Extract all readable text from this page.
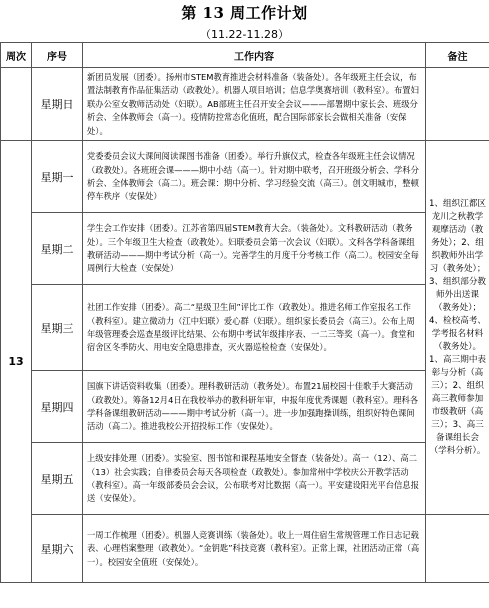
第 13 周工作计划
（11.22-11.28）
周次	序号	工作内容	备注
	星期日	新团员发展（团委）。扬州市STEM教育推进会材料准备（装备处）。各年级班主任会议，布置法制教育作品征集活动（政教处）。机器人项目培训；信息学奥赛培训（教科室）。布置妇联办公室女教师活动处（妇联）。AB部班主任召开安全会议———部署期中家长会、班级分析会、全体教师会（高一）。疫情防控常态化值班，配合国际部家长会做相关准备（安保处）。	
13	星期一	党委委员会议大课间阅读课图书准备（团委）。举行升旗仪式，检查各年级班主任会议情况（政教处）。各班班会课———期中小结（高一）。针对期中联考，召开班级分析会、学科分析会、全体教师会（高二）。班会课：期中分析、学习经验交流（高三）。创文明城市，整顿停车秩序（安保处）	1、组织江都区龙川之秋教学观摩活动（教务处）；2、组织教师外出学习（教务处）；3、组织部分教师外出送课（教务处）；4、检校高考、学考报名材料（教务处）。1、高三期中表彰与分析（高三）；2、组织高三教师参加市级教研（高三）；3、高三备课组长会（学科分析）。
	星期二	学生会工作安排（团委）。江苏省第四届STEM教育大会。（装备处）。文科教研活动（教务处）。三个年级卫生大检查（政教处）。妇联委员会第一次会议（妇联）。文科各学科备课组教研活动———期中考试分析（高一）。完善学生的月度千分考核工作（高二）。校园安全每周例行大检查（安保处）	
	星期三	社团工作安排（团委）。高二“星级卫生间”评比工作（政教处）。推进名师工作室报名工作（教科室）。建立微动力（江中妇联）爱心群（妇联）。组织家长委员会（高三）。公布上周年级管理委会巡查星级评比结果、公布期中考试年级排序表、一二三等奖（高一）。食堂和宿舍区冬季防火、用电安全隐患排查，灭火器巡检检查（安保处）。	
	星期四	国旗下讲话资料收集（团委）。理科教研活动（教务处）。布置21届校园十佳歌手大赛活动（政教处）。筹备12月4日在我校举办的教科研年审，申报年度优秀课题（教科室）。理科各学科备课组教研活动———期中考试分析（高一）。进一步加强跑操训练，组织好特色课间活动（高二）。推进我校公开招投标工作（安保处）。	
	星期五	上级安排处理（团委）。实验室、图书馆和课程基地安全督查（装备处）。高一（12）、高二（13）社会实践；自律委员会每天各项检查（政教处）。参加常州中学校庆公开教学活动（教科室）。高一年级部委员会会议，公布联考对比数据（高一）。平安建设阳光平台信息报送（安保处）。	
	星期六	一周工作梳理（团委）。机器人竞赛训练（装备处）。收上一周住宿生常规管理工作日志记载表、心理档案整理（政教处）。“金钥匙”科技竞赛（教科室）。正常上课，社团活动正常（高一）。校园安全值班（安保处）。	
